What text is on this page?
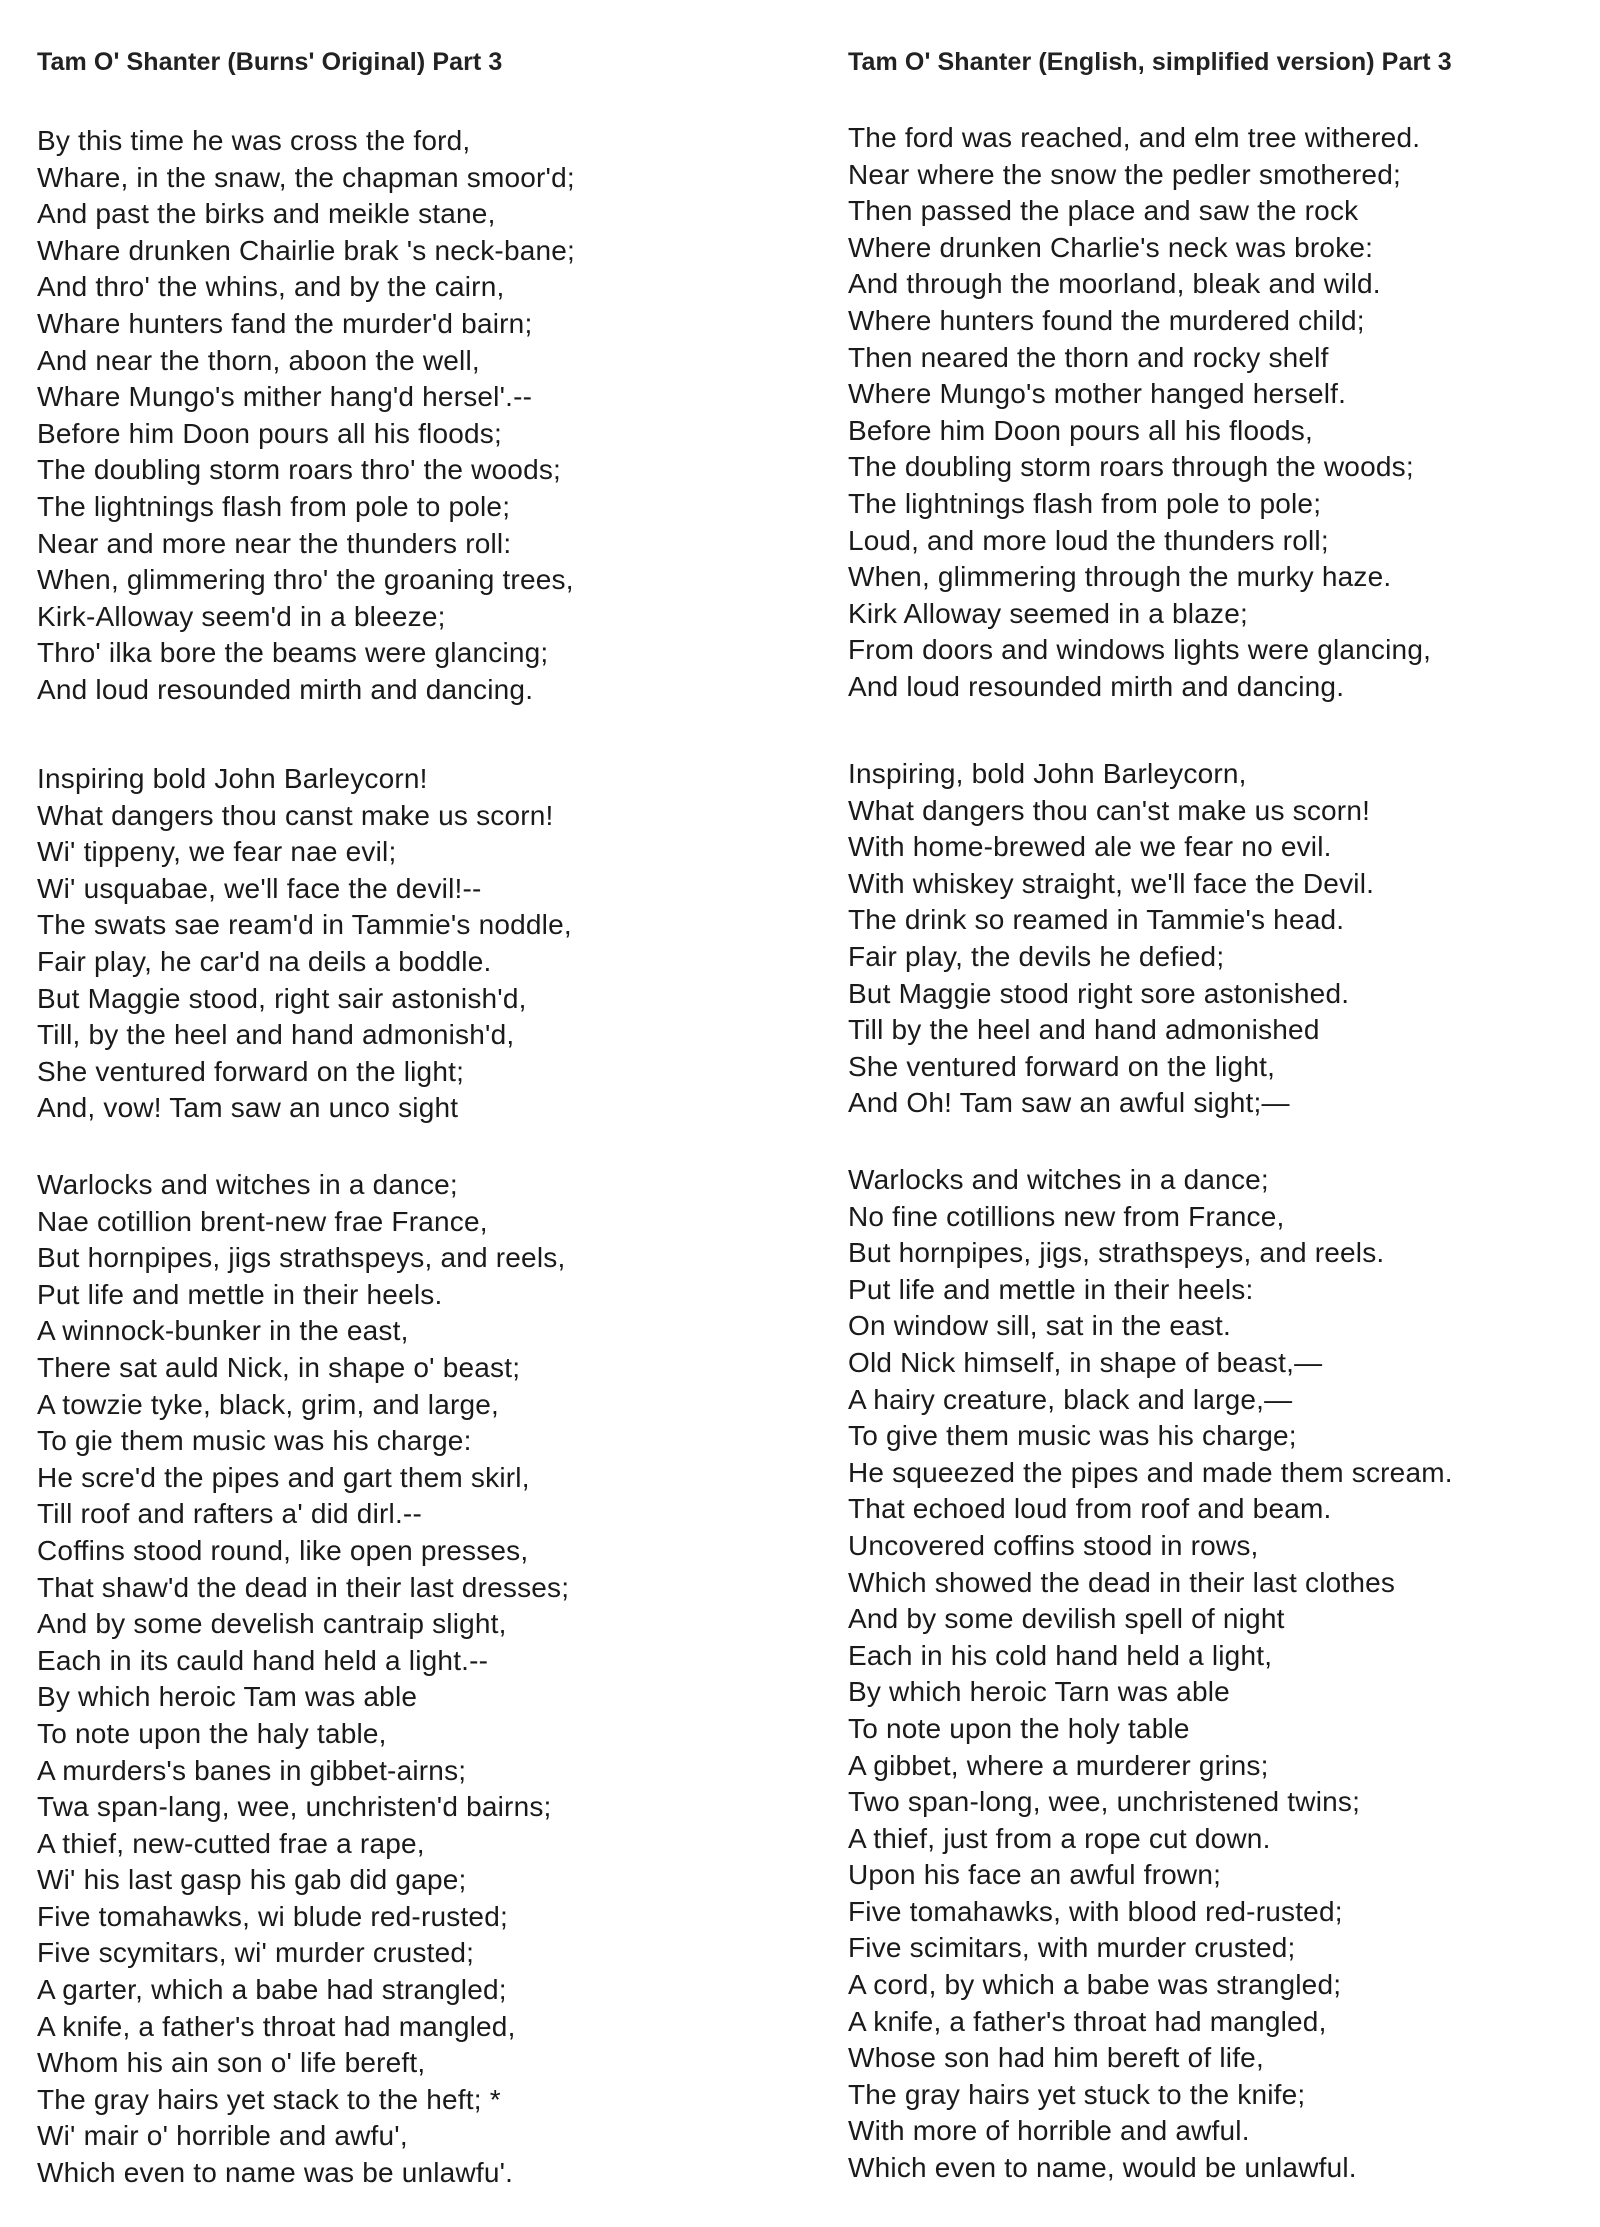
Tam O' Shanter (Burns' Original) Part 3
By this time he was cross the ford,
Whare, in the snaw, the chapman smoor'd;
And past the birks and meikle stane,
Whare drunken Chairlie brak 's neck-bane;
And thro' the whins, and by the cairn,
Whare hunters fand the murder'd bairn;
And near the thorn, aboon the well,
Whare Mungo's mither hang'd hersel'.--
Before him Doon pours all his floods;
The doubling storm roars thro' the woods;
The lightnings flash from pole to pole;
Near and more near the thunders roll:
When, glimmering thro' the groaning trees,
Kirk-Alloway seem'd in a bleeze;
Thro' ilka bore the beams were glancing;
And loud resounded mirth and dancing.
Inspiring bold John Barleycorn!
What dangers thou canst make us scorn!
Wi' tippeny, we fear nae evil;
Wi' usquabae, we'll face the devil!--
The swats sae ream'd in Tammie's noddle,
Fair play, he car'd na deils a boddle.
But Maggie stood, right sair astonish'd,
Till, by the heel and hand admonish'd,
She ventured forward on the light;
And, vow! Tam saw an unco sight
Warlocks and witches in a dance;
Nae cotillion brent-new frae France,
But hornpipes, jigs strathspeys, and reels,
Put life and mettle in their heels.
A winnock-bunker in the east,
There sat auld Nick, in shape o' beast;
A towzie tyke, black, grim, and large,
To gie them music was his charge:
He scre'd the pipes and gart them skirl,
Till roof and rafters a' did dirl.--
Coffins stood round, like open presses,
That shaw'd the dead in their last dresses;
And by some develish cantraip slight,
Each in its cauld hand held a light.--
By which heroic Tam was able
To note upon the haly table,
A murders's banes in gibbet-airns;
Twa span-lang, wee, unchristen'd bairns;
A thief, new-cutted frae a rape,
Wi' his last gasp his gab did gape;
Five tomahawks, wi blude red-rusted;
Five scymitars, wi' murder crusted;
A garter, which a babe had strangled;
A knife, a father's throat had mangled,
Whom his ain son o' life bereft,
The gray hairs yet stack to the heft; *
Wi' mair o' horrible and awfu',
Which even to name was be unlawfu'.
Tam O' Shanter (English, simplified version) Part 3
The ford was reached, and elm tree withered.
Near where the snow the pedler smothered;
Then passed the place and saw the rock
Where drunken Charlie's neck was broke:
And through the moorland, bleak and wild.
Where hunters found the murdered child;
Then neared the thorn and rocky shelf
Where Mungo's mother hanged herself.
Before him Doon pours all his floods,
The doubling storm roars through the woods;
The lightnings flash from pole to pole;
Loud, and more loud the thunders roll;
When, glimmering through the murky haze.
Kirk Alloway seemed in a blaze;
From doors and windows lights were glancing,
And loud resounded mirth and dancing.
Inspiring, bold John Barleycorn,
What dangers thou can'st make us scorn!
With home-brewed ale we fear no evil.
With whiskey straight, we'll face the Devil.
The drink so reamed in Tammie's head.
Fair play, the devils he defied;
But Maggie stood right sore astonished.
Till by the heel and hand admonished
She ventured forward on the light,
And Oh! Tam saw an awful sight;—
Warlocks and witches in a dance;
No fine cotillions new from France,
But hornpipes, jigs, strathspeys, and reels.
Put life and mettle in their heels:
On window sill, sat in the east.
Old Nick himself, in shape of beast,—
A hairy creature, black and large,—
To give them music was his charge;
He squeezed the pipes and made them scream.
That echoed loud from roof and beam.
Uncovered coffins stood in rows,
Which showed the dead in their last clothes
And by some devilish spell of night
Each in his cold hand held a light,
By which heroic Tarn was able
To note upon the holy table
A gibbet, where a murderer grins;
Two span-long, wee, unchristened twins;
A thief, just from a rope cut down.
Upon his face an awful frown;
Five tomahawks, with blood red-rusted;
Five scimitars, with murder crusted;
A cord, by which a babe was strangled;
A knife, a father's throat had mangled,
Whose son had him bereft of life,
The gray hairs yet stuck to the knife;
With more of horrible and awful.
Which even to name, would be unlawful.
